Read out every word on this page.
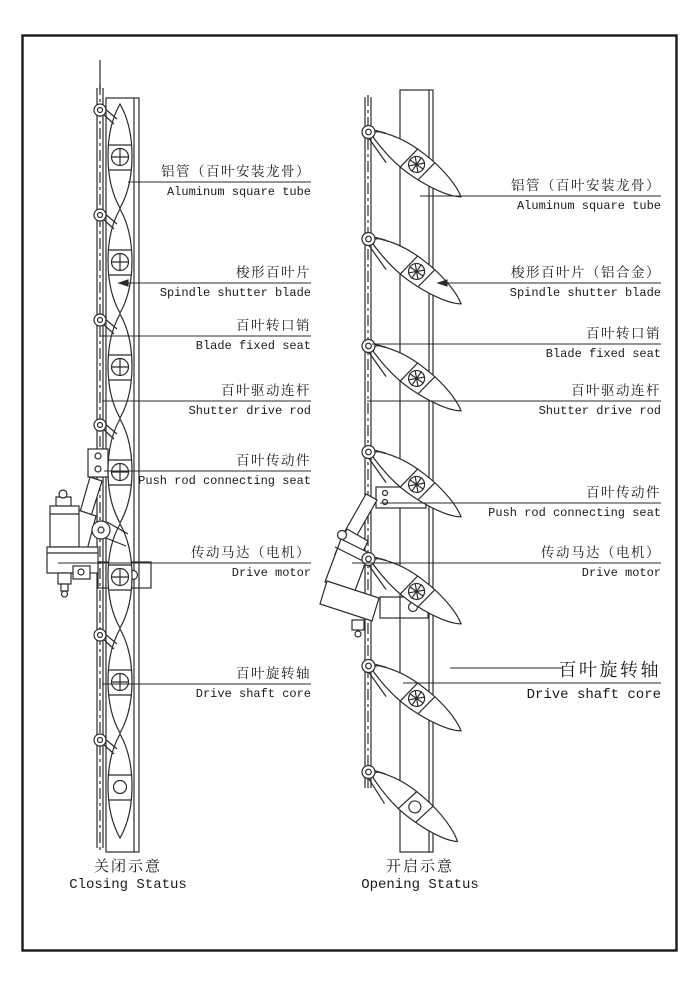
铝管（百叶安装龙骨）
Aluminum square tube
梭形百叶片
Spindle shutter blade
百叶转口销
Blade fixed seat
百叶驱动连杆
Shutter drive rod
百叶传动件
Push rod connecting seat
传动马达（电机）
Drive motor
百叶旋转轴
Drive shaft core
铝管（百叶安装龙骨）
Aluminum square tube
梭形百叶片（铝合金）
Spindle shutter blade
百叶转口销
Blade fixed seat
百叶驱动连杆
Shutter drive rod
百叶传动件
Push rod connecting seat
传动马达（电机）
Drive motor
百叶旋转轴
Drive shaft core
关闭示意
Closing Status
开启示意
Opening Status
